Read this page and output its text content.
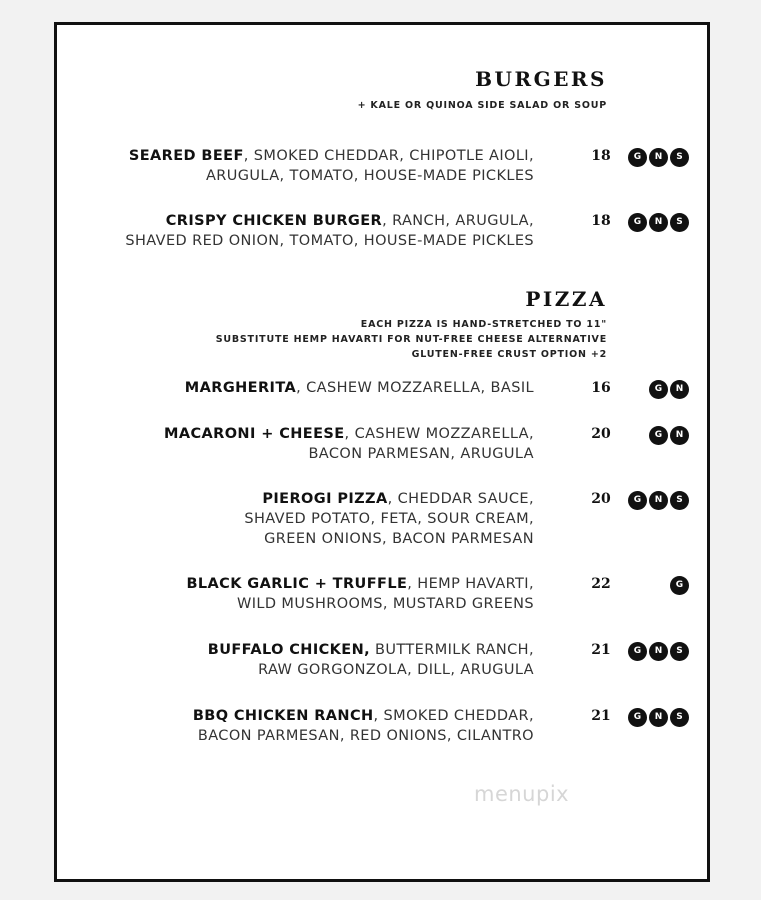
BURGERS
+ KALE OR QUINOA SIDE SALAD OR SOUP
SEARED BEEF, SMOKED CHEDDAR, CHIPOTLE AIOLI,
ARUGULA, TOMATO, HOUSE-MADE PICKLES
18	G	N	S
CRISPY CHICKEN BURGER, RANCH, ARUGULA,
SHAVED RED ONION, TOMATO, HOUSE-MADE PICKLES
18	G	N	S
PIZZA
EACH PIZZA IS HAND-STRETCHED TO 11"
SUBSTITUTE HEMP HAVARTI FOR NUT-FREE CHEESE ALTERNATIVE
GLUTEN-FREE CRUST OPTION +2
MARGHERITA, CASHEW MOZZARELLA, BASIL	16	G	N
MACARONI + CHEESE, CASHEW MOZZARELLA,
BACON PARMESAN, ARUGULA
20	G	N
PIEROGI PIZZA, CHEDDAR SAUCE,
SHAVED POTATO, FETA, SOUR CREAM,
GREEN ONIONS, BACON PARMESAN
20	G	N	S
BLACK GARLIC + TRUFFLE, HEMP HAVARTI,
WILD MUSHROOMS, MUSTARD GREENS
22	G
BUFFALO CHICKEN, BUTTERMILK RANCH,
RAW GORGONZOLA, DILL, ARUGULA
21	G	N	S
BBQ CHICKEN RANCH, SMOKED CHEDDAR,
BACON PARMESAN, RED ONIONS, CILANTRO
21	G	N	S
menupix
